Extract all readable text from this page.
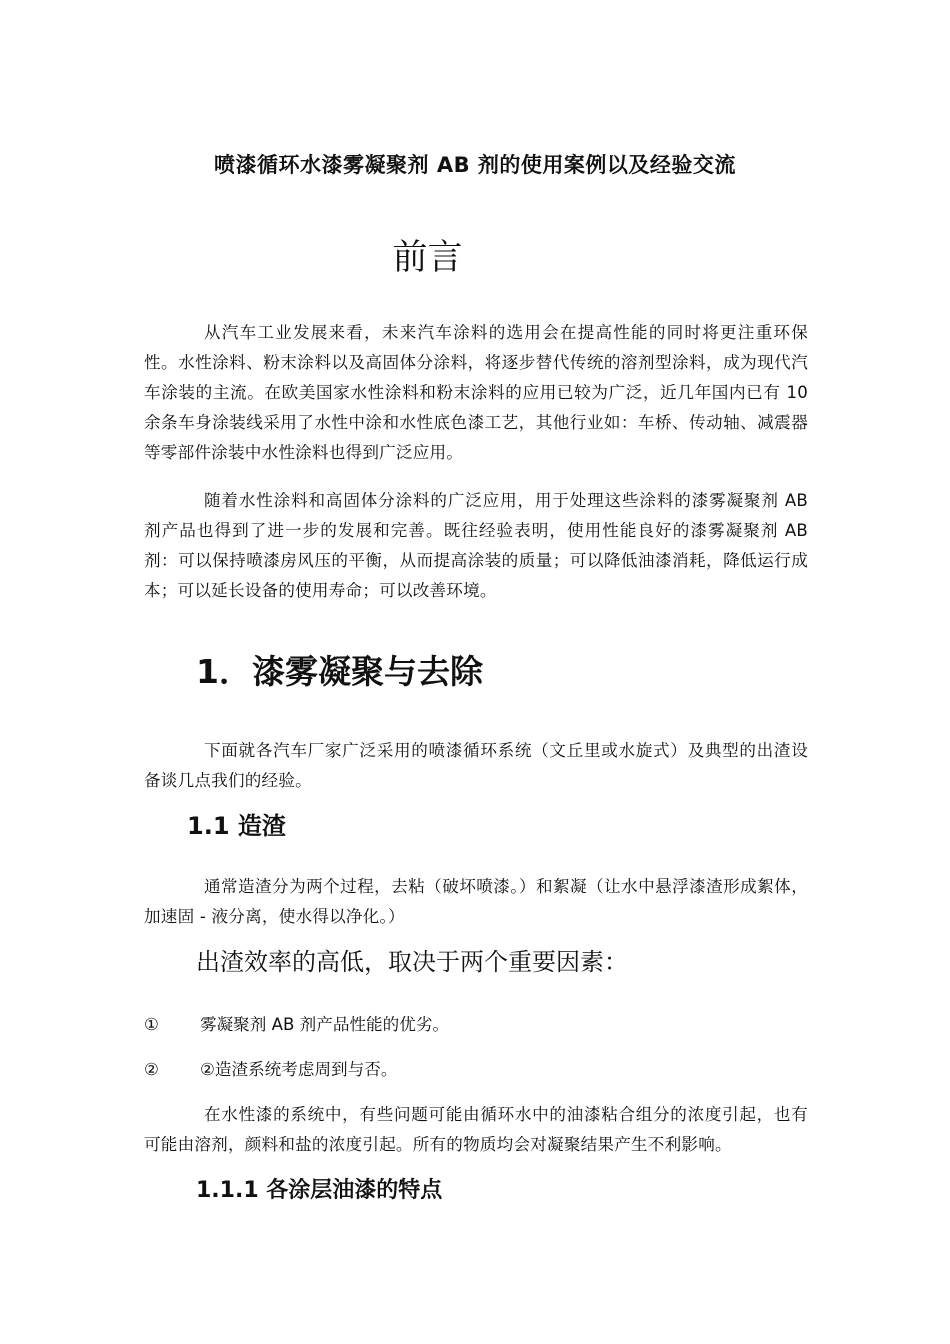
喷漆循环水漆雾凝聚剂 AB 剂的使用案例以及经验交流
前言

从汽车工业发展来看，未来汽车涂料的选用会在提高性能的同时将更注重环保性。水性涂料、粉末涂料以及高固体分涂料，将逐步替代传统的溶剂型涂料，成为现代汽车涂装的主流。在欧美国家水性涂料和粉末涂料的应用已较为广泛，近几年国内已有 10 余条车身涂装线采用了水性中涂和水性底色漆工艺，其他行业如：车桥、传动轴、减震器等零部件涂装中水性涂料也得到广泛应用。

随着水性涂料和高固体分涂料的广泛应用，用于处理这些涂料的漆雾凝聚剂 AB 剂产品也得到了进一步的发展和完善。既往经验表明，使用性能良好的漆雾凝聚剂 AB 剂：可以保持喷漆房风压的平衡，从而提高涂装的质量；可以降低油漆消耗，降低运行成本；可以延长设备的使用寿命；可以改善环境。

1．漆雾凝聚与去除

下面就各汽车厂家广泛采用的喷漆循环系统（文丘里或水旋式）及典型的出渣设备谈几点我们的经验。

1.1 造渣

通常造渣分为两个过程，去粘（破坏喷漆。）和絮凝（让水中悬浮漆渣形成絮体，加速固 - 液分离，使水得以净化。）

出渣效率的高低，取决于两个重要因素：
① 雾凝聚剂 AB 剂产品性能的优劣。
② ②造渣系统考虑周到与否。

在水性漆的系统中，有些问题可能由循环水中的油漆粘合组分的浓度引起，也有可能由溶剂，颜料和盐的浓度引起。所有的物质均会对凝聚结果产生不利影响。

1.1.1 各涂层油漆的特点
